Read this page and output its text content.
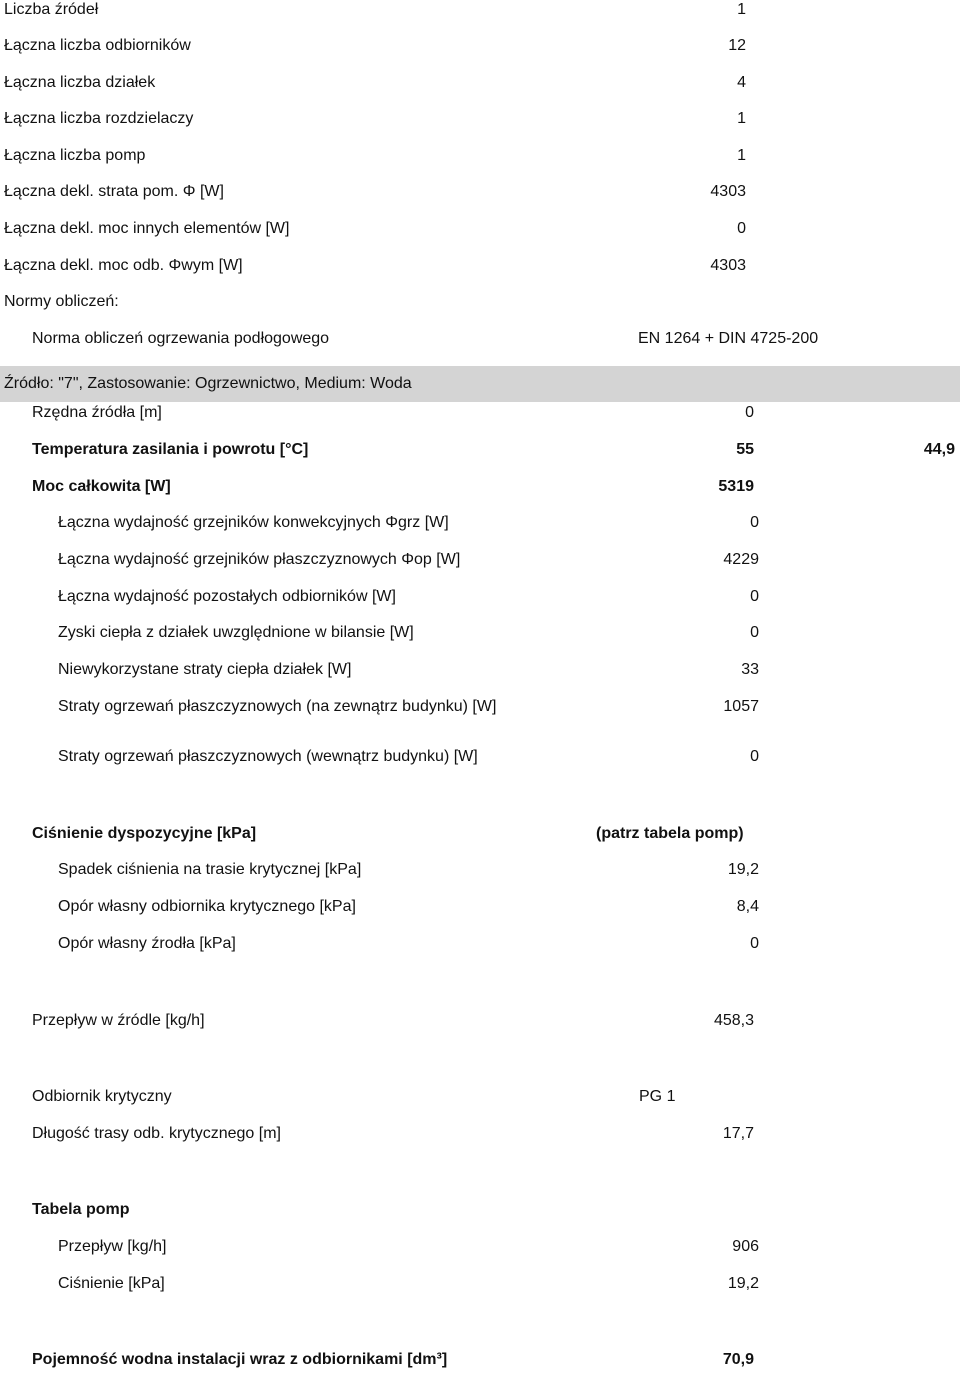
Liczba źródeł	1
Łączna liczba odbiorników	12
Łączna liczba działek	4
Łączna liczba rozdzielaczy	1
Łączna liczba pomp	1
Łączna dekl. strata pom. Φ [W]	4303
Łączna dekl. moc innych elementów [W]	0
Łączna dekl. moc odb. Φwym [W]	4303
Normy obliczeń:
Norma obliczeń ogrzewania podłogowego	EN 1264 + DIN 4725-200
Źródło: "7", Zastosowanie: Ogrzewnictwo, Medium: Woda
Rzędna źródła [m]	0
Temperatura zasilania i powrotu [°C]	55	44,9
Moc całkowita [W]	5319
Łączna wydajność grzejników konwekcyjnych Φgrz [W]	0
Łączna wydajność grzejników płaszczyznowych Φop [W]	4229
Łączna wydajność pozostałych odbiorników [W]	0
Zyski ciepła z działek uwzględnione w bilansie [W]	0
Niewykorzystane straty ciepła działek [W]	33
Straty ogrzewań płaszczyznowych (na zewnątrz budynku) [W]	1057
Straty ogrzewań płaszczyznowych (wewnątrz budynku) [W]	0
Ciśnienie dyspozycyjne [kPa]	(patrz tabela pomp)
Spadek ciśnienia na trasie krytycznej [kPa]	19,2
Opór własny odbiornika krytycznego [kPa]	8,4
Opór własny źrodła [kPa]	0
Przepływ w źródle [kg/h]	458,3
Odbiornik krytyczny	PG 1
Długość trasy odb. krytycznego [m]	17,7
Tabela pomp
Przepływ [kg/h]	906
Ciśnienie [kPa]	19,2
Pojemność wodna instalacji wraz z odbiornikami [dm³]	70,9
